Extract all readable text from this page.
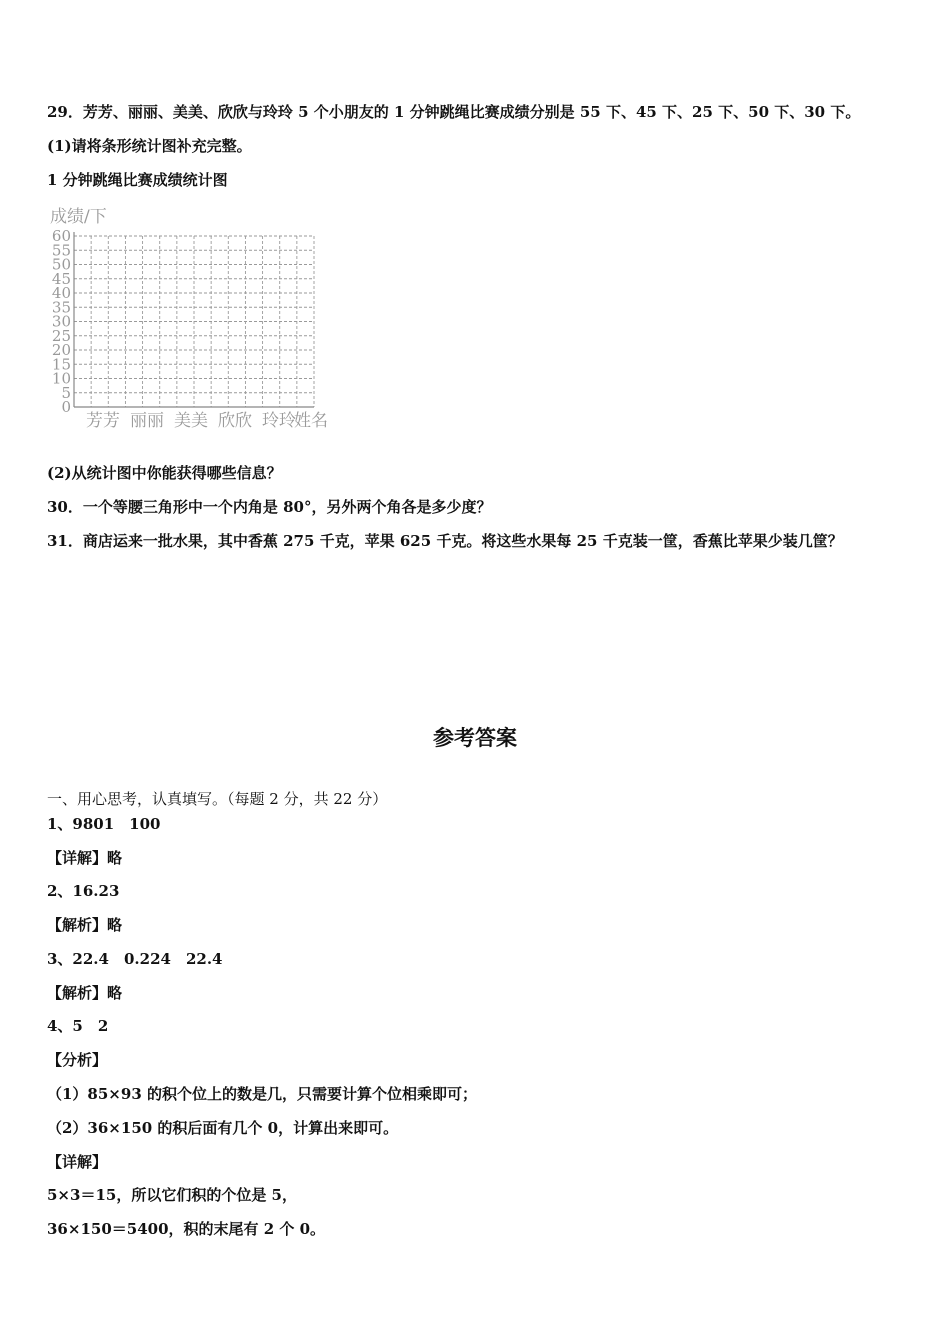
29．芳芳、丽丽、美美、欣欣与玲玲 5 个小朋友的 1 分钟跳绳比赛成绩分别是 55 下、45 下、25 下、50 下、30 下。
(1)请将条形统计图补充完整。
1 分钟跳绳比赛成绩统计图
成绩/下
0
5
10
15
20
25
30
35
40
45
50
55
60
芳芳 丽丽 美美 欣欣 玲玲
姓名
(2)从统计图中你能获得哪些信息？
30．一个等腰三角形中一个内角是 80°，另外两个角各是多少度？
31．商店运来一批水果，其中香蕉 275 千克，苹果 625 千克。将这些水果每 25 千克装一筐，香蕉比苹果少装几筐？
参考答案
一、用心思考，认真填写。（每题 2 分，共 22 分）
1、9801　100
【详解】略
2、16.23
【解析】略
3、22.4　0.224　22.4
【解析】略
4、5　2
【分析】
（1）85×93 的积个位上的数是几，只需要计算个位相乘即可；
（2）36×150 的积后面有几个 0，计算出来即可。
【详解】
5×3＝15，所以它们积的个位是 5，
36×150＝5400，积的末尾有 2 个 0。
